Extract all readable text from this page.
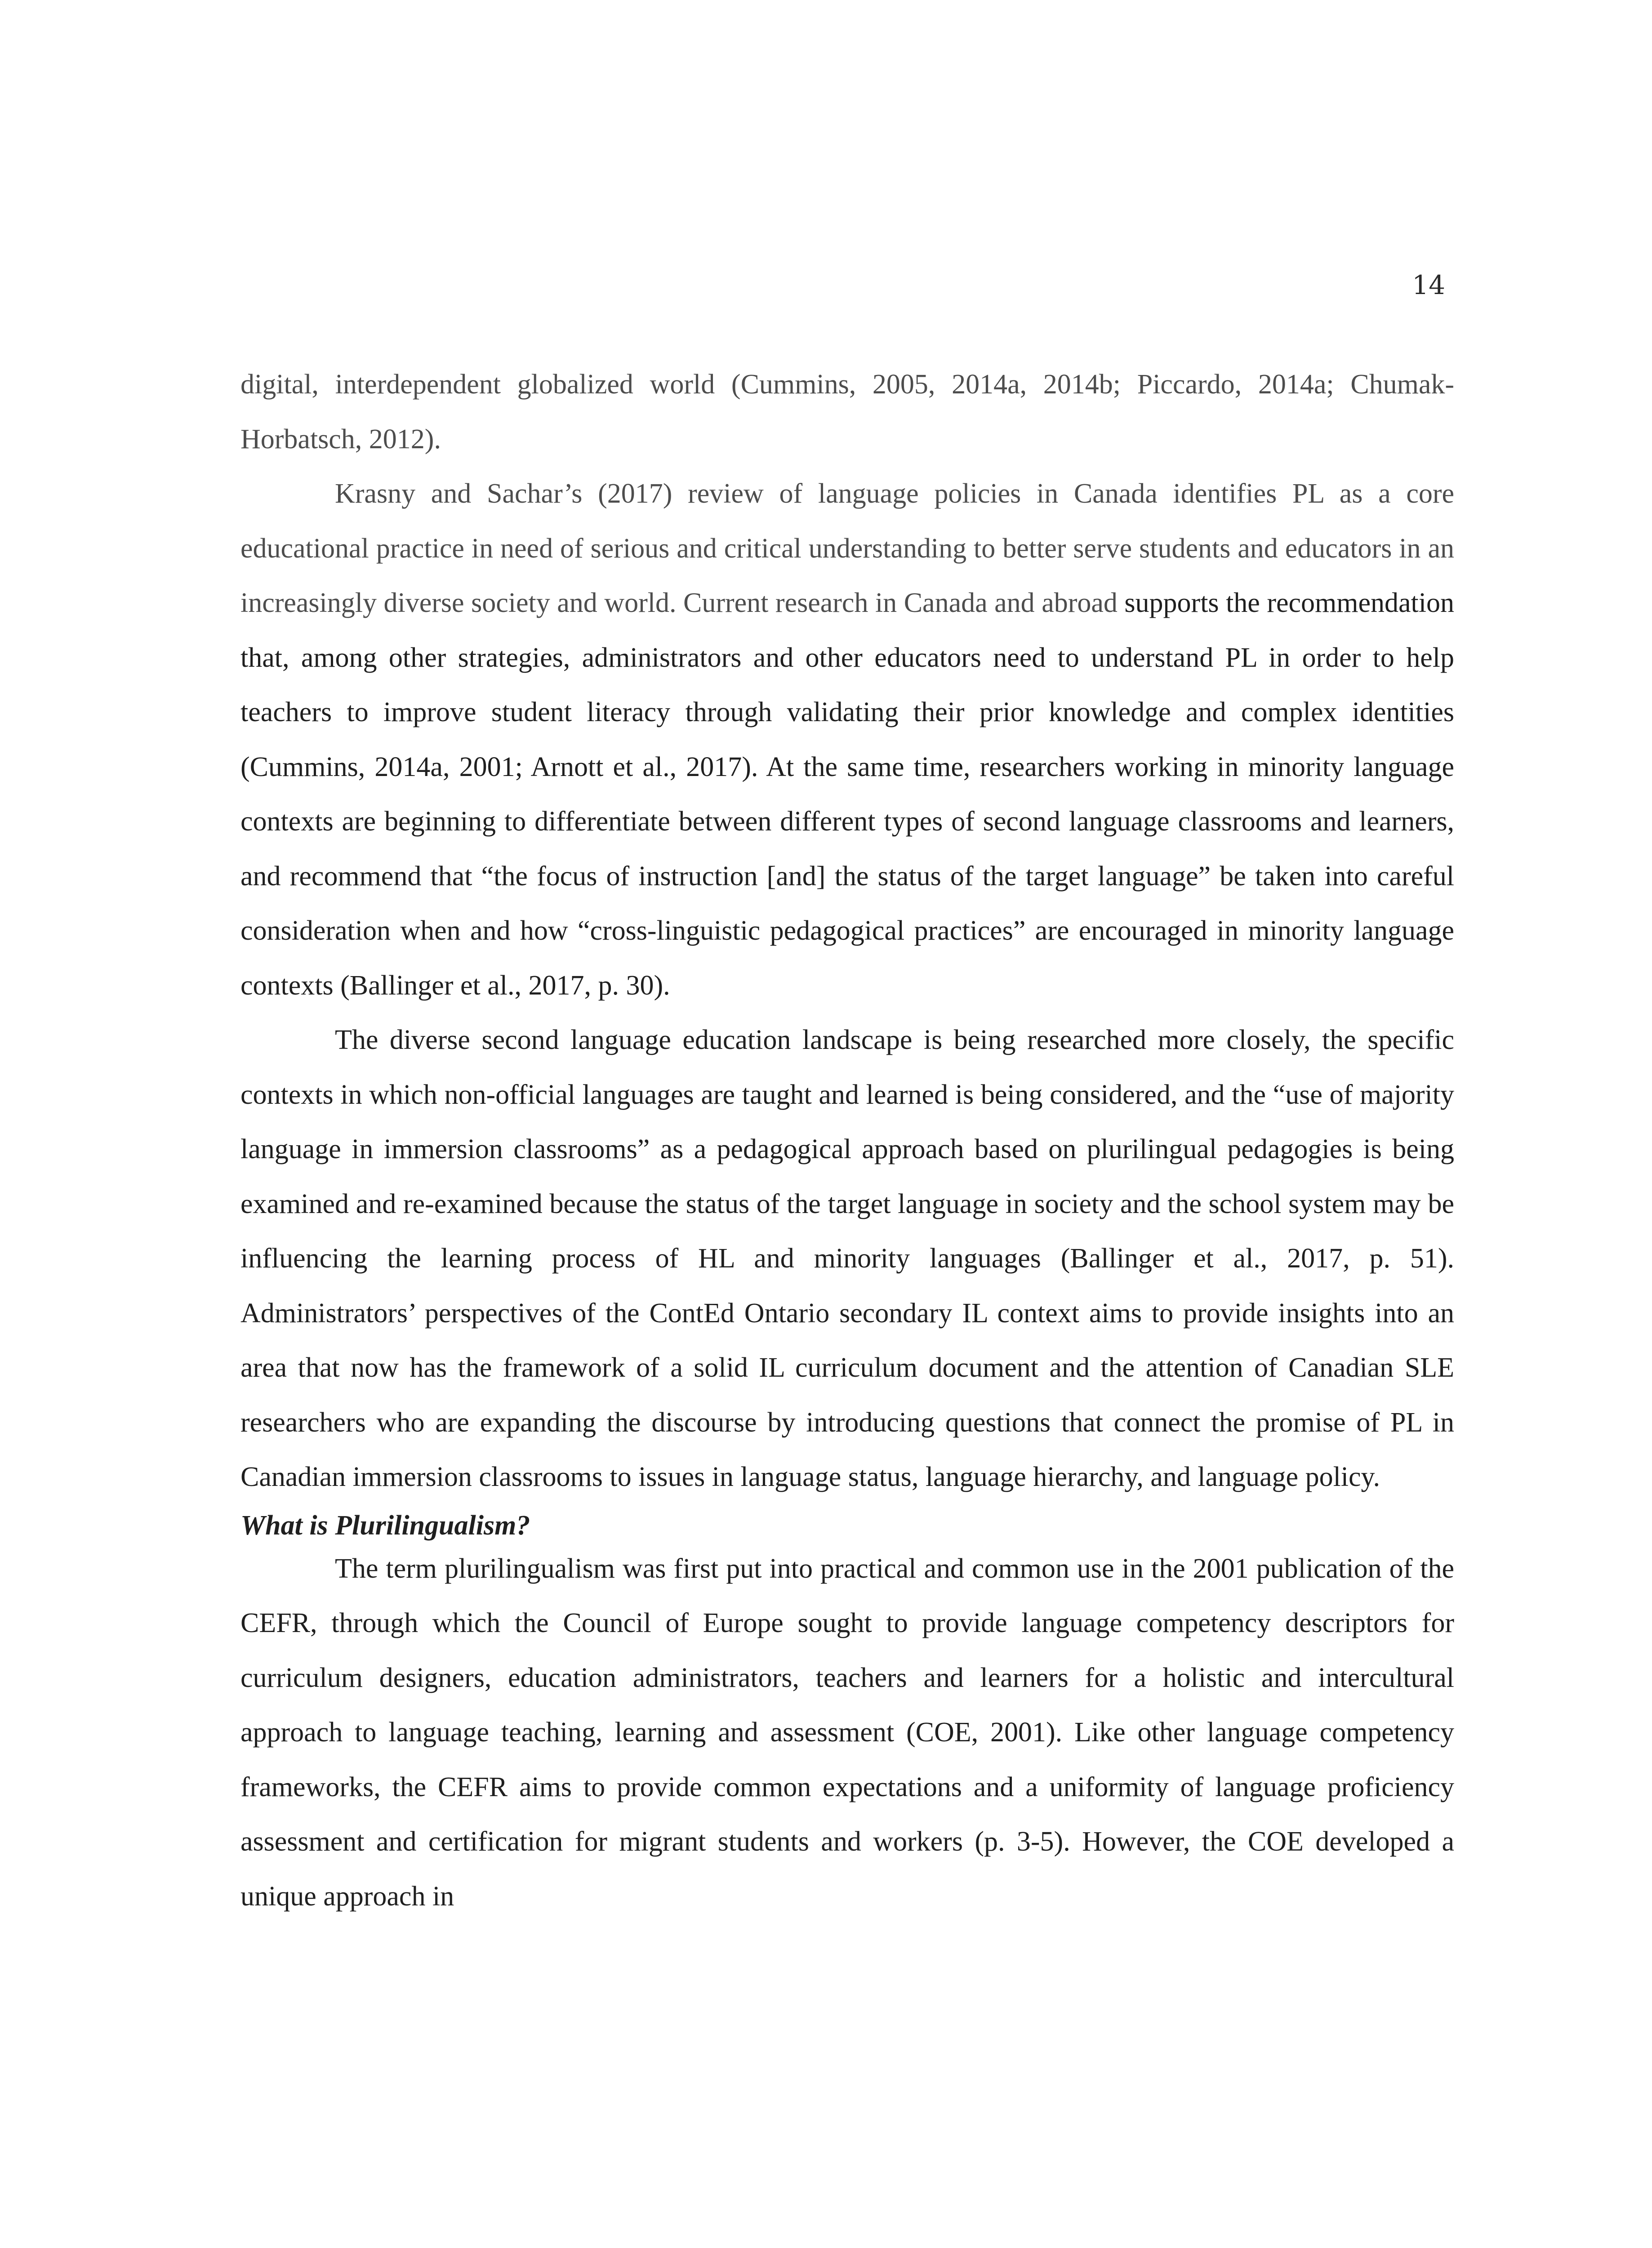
14

digital, interdependent globalized world (Cummins, 2005, 2014a, 2014b; Piccardo, 2014a; Chumak-Horbatsch, 2012).

Krasny and Sachar’s (2017) review of language policies in Canada identifies PL as a core educational practice in need of serious and critical understanding to better serve students and educators in an increasingly diverse society and world. Current research in Canada and abroad supports the recommendation that, among other strategies, administrators and other educators need to understand PL in order to help teachers to improve student literacy through validating their prior knowledge and complex identities (Cummins, 2014a, 2001; Arnott et al., 2017). At the same time, researchers working in minority language contexts are beginning to differentiate between different types of second language classrooms and learners, and recommend that “the focus of instruction [and] the status of the target language” be taken into careful consideration when and how “cross-linguistic pedagogical practices” are encouraged in minority language contexts (Ballinger et al., 2017, p. 30).

The diverse second language education landscape is being researched more closely, the specific contexts in which non-official languages are taught and learned is being considered, and the “use of majority language in immersion classrooms” as a pedagogical approach based on plurilingual pedagogies is being examined and re-examined because the status of the target language in society and the school system may be influencing the learning process of HL and minority languages (Ballinger et al., 2017, p. 51). Administrators’ perspectives of the ContEd Ontario secondary IL context aims to provide insights into an area that now has the framework of a solid IL curriculum document and the attention of Canadian SLE researchers who are expanding the discourse by introducing questions that connect the promise of PL in Canadian immersion classrooms to issues in language status, language hierarchy, and language policy.

What is Plurilingualism?

The term plurilingualism was first put into practical and common use in the 2001 publication of the CEFR, through which the Council of Europe sought to provide language competency descriptors for curriculum designers, education administrators, teachers and learners for a holistic and intercultural approach to language teaching, learning and assessment (COE, 2001). Like other language competency frameworks, the CEFR aims to provide common expectations and a uniformity of language proficiency assessment and certification for migrant students and workers (p. 3-5). However, the COE developed a unique approach in
